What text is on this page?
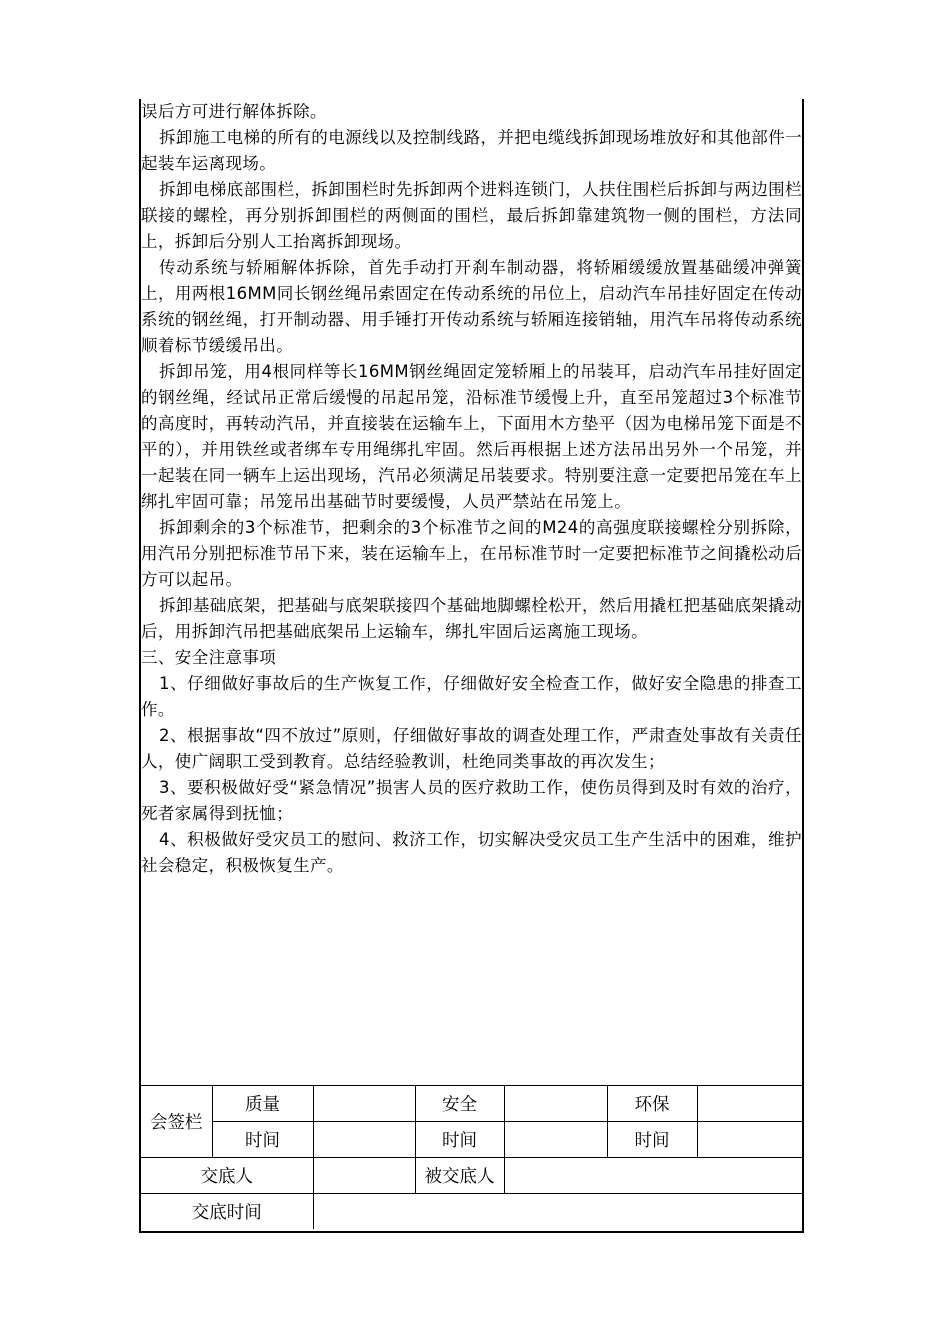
误后方可进行解体拆除。

拆卸施工电梯的所有的电源线以及控制线路，并把电缆线拆卸现场堆放好和其他部件一起装车运离现场。

拆卸电梯底部围栏，拆卸围栏时先拆卸两个进料连锁门，人扶住围栏后拆卸与两边围栏联接的螺栓，再分别拆卸围栏的两侧面的围栏，最后拆卸靠建筑物一侧的围栏，方法同上，拆卸后分别人工抬离拆卸现场。

传动系统与轿厢解体拆除，首先手动打开刹车制动器，将轿厢缓缓放置基础缓冲弹簧上，用两根16MM同长钢丝绳吊索固定在传动系统的吊位上，启动汽车吊挂好固定在传动系统的钢丝绳，打开制动器、用手锤打开传动系统与轿厢连接销轴，用汽车吊将传动系统顺着标节缓缓吊出。

拆卸吊笼，用4根同样等长16MM钢丝绳固定笼轿厢上的吊装耳，启动汽车吊挂好固定的钢丝绳，经试吊正常后缓慢的吊起吊笼，沿标准节缓慢上升，直至吊笼超过3个标准节的高度时，再转动汽吊，并直接装在运输车上，下面用木方垫平（因为电梯吊笼下面是不平的），并用铁丝或者绑车专用绳绑扎牢固。然后再根据上述方法吊出另外一个吊笼，并一起装在同一辆车上运出现场，汽吊必须满足吊装要求。特别要注意一定要把吊笼在车上绑扎牢固可靠；吊笼吊出基础节时要缓慢，人员严禁站在吊笼上。

拆卸剩余的3个标准节，把剩余的3个标准节之间的M24的高强度联接螺栓分别拆除，用汽吊分别把标准节吊下来，装在运输车上，在吊标准节时一定要把标准节之间撬松动后方可以起吊。

拆卸基础底架，把基础与底架联接四个基础地脚螺栓松开，然后用撬杠把基础底架撬动后，用拆卸汽吊把基础底架吊上运输车，绑扎牢固后运离施工现场。

三、安全注意事项

1、仔细做好事故后的生产恢复工作，仔细做好安全检查工作，做好安全隐患的排查工作。

2、根据事故“四不放过”原则，仔细做好事故的调查处理工作，严肃查处事故有关责任人，使广阔职工受到教育。总结经验教训，杜绝同类事故的再次发生；

3、要积极做好受“紧急情况”损害人员的医疗救助工作，使伤员得到及时有效的治疗，死者家属得到抚恤；

4、积极做好受灾员工的慰问、救济工作，切实解决受灾员工生产生活中的困难，维护社会稳定，积极恢复生产。

会签栏	质量		安全		环保	
	时间		时间		时间	
交底人			被交底人			
交底时间						
